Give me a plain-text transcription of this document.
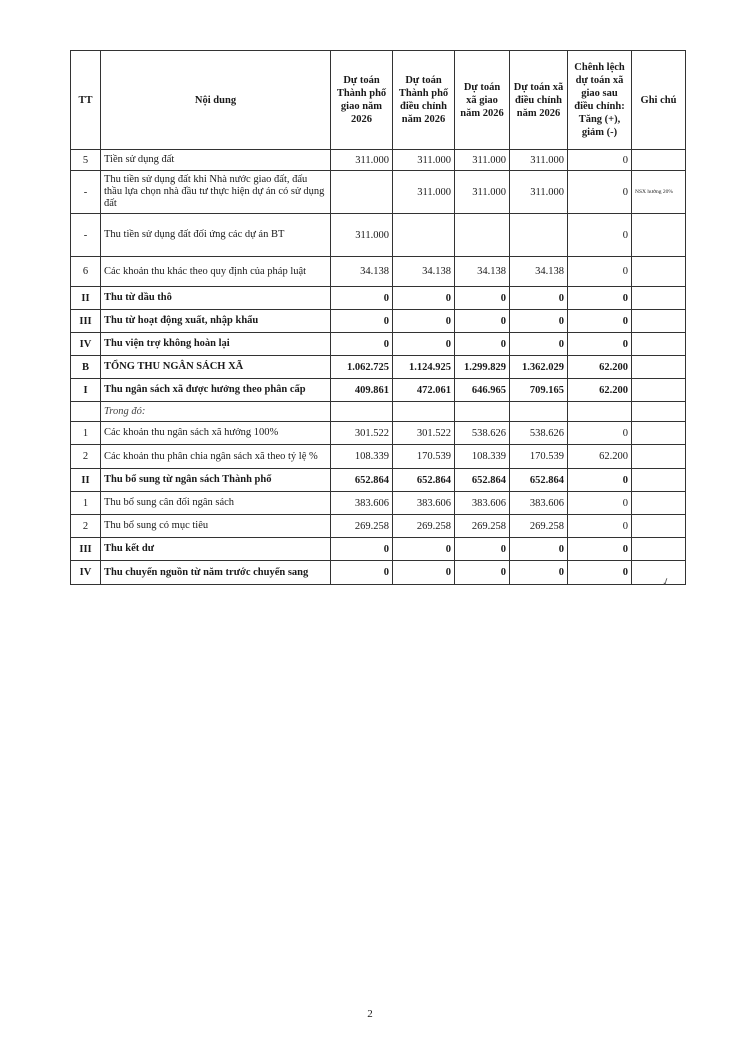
TT	Nội dung	Dự toán Thành phố giao năm 2026	Dự toán Thành phố điều chỉnh năm 2026	Dự toán xã giao năm 2026	Dự toán xã điều chỉnh năm 2026	Chênh lệch dự toán xã giao sau điều chỉnh: Tăng (+), giảm (-)	Ghi chú
5	Tiền sử dụng đất	311.000	311.000	311.000	311.000	0	
-	Thu tiền sử dụng đất khi Nhà nước giao đất, đấu thầu lựa chọn nhà đầu tư thực hiện dự án có sử dụng đất		311.000	311.000	311.000	0	NSX hưởng 20%
-	Thu tiền sử dụng đất đối ứng các dự án BT	311.000				0	
6	Các khoản thu khác theo quy định của pháp luật	34.138	34.138	34.138	34.138	0	
II	Thu từ dầu thô	0	0	0	0	0	
III	Thu từ hoạt động xuất, nhập khẩu	0	0	0	0	0	
IV	Thu viện trợ không hoàn lại	0	0	0	0	0	
B	TỔNG THU NGÂN SÁCH XÃ	1.062.725	1.124.925	1.299.829	1.362.029	62.200	
I	Thu ngân sách xã được hưởng theo phân cấp	409.861	472.061	646.965	709.165	62.200	
	Trong đó:						
1	Các khoản thu ngân sách xã hưởng 100%	301.522	301.522	538.626	538.626	0	
2	Các khoản thu phân chia ngân sách xã theo tỷ lệ %	108.339	170.539	108.339	170.539	62.200	
II	Thu bổ sung từ ngân sách Thành phố	652.864	652.864	652.864	652.864	0	
1	Thu bổ sung cân đối ngân sách	383.606	383.606	383.606	383.606	0	
2	Thu bổ sung có mục tiêu	269.258	269.258	269.258	269.258	0	
III	Thu kết dư	0	0	0	0	0	
IV	Thu chuyển nguồn từ năm trước chuyển sang	0	0	0	0	0	
✓
2
